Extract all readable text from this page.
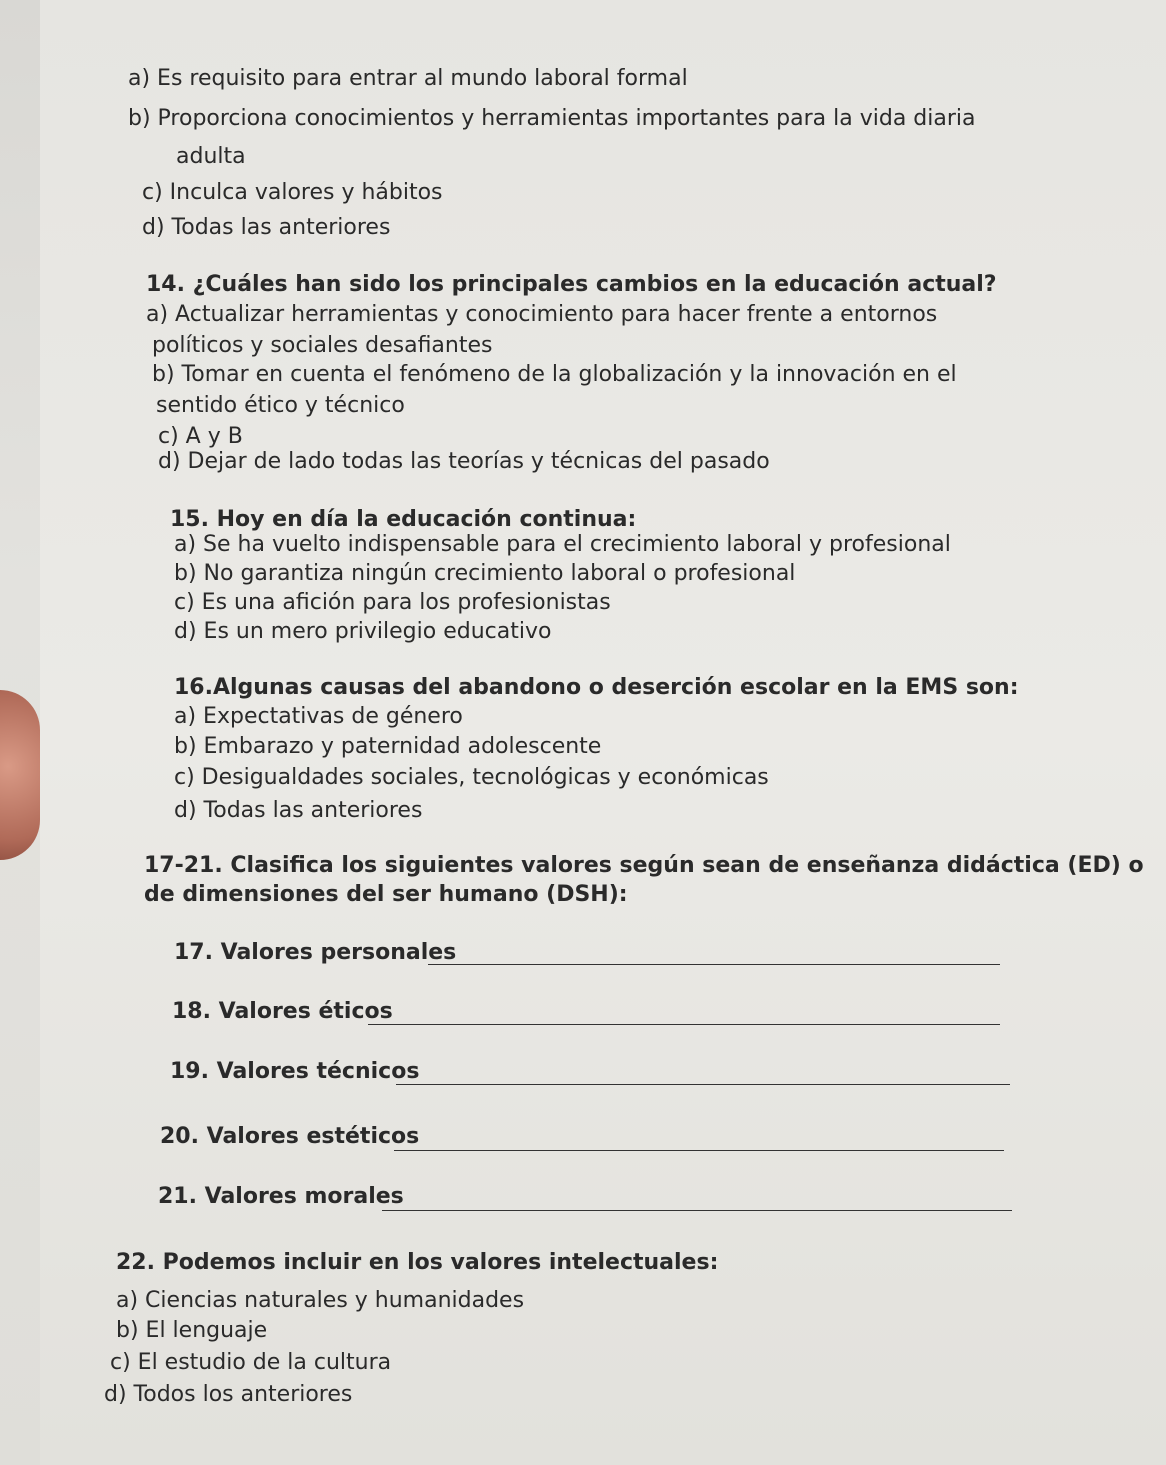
a) Es requisito para entrar al mundo laboral formal
b) Proporciona conocimientos y herramientas importantes para la vida diaria
adulta
c) Inculca valores y hábitos
d) Todas las anteriores
14. ¿Cuáles han sido los principales cambios en la educación actual?
a) Actualizar herramientas y conocimiento para hacer frente a entornos
políticos y sociales desafiantes
b) Tomar en cuenta el fenómeno de la globalización y la innovación en el
sentido ético y técnico
c) A y B
d) Dejar de lado todas las teorías y técnicas del pasado
15. Hoy en día la educación continua:
a) Se ha vuelto indispensable para el crecimiento laboral y profesional
b) No garantiza ningún crecimiento laboral o profesional
c) Es una afición para los profesionistas
d) Es un mero privilegio educativo
16.Algunas causas del abandono o deserción escolar en la EMS son:
a) Expectativas de género
b) Embarazo y paternidad adolescente
c) Desigualdades sociales, tecnológicas y económicas
d) Todas las anteriores
17-21. Clasifica los siguientes valores según sean de enseñanza didáctica (ED) o
de dimensiones del ser humano (DSH):
17. Valores personales
18. Valores éticos
19. Valores técnicos
20. Valores estéticos
21. Valores morales
22. Podemos incluir en los valores intelectuales:
a) Ciencias naturales y humanidades
b) El lenguaje
c) El estudio de la cultura
d) Todos los anteriores
